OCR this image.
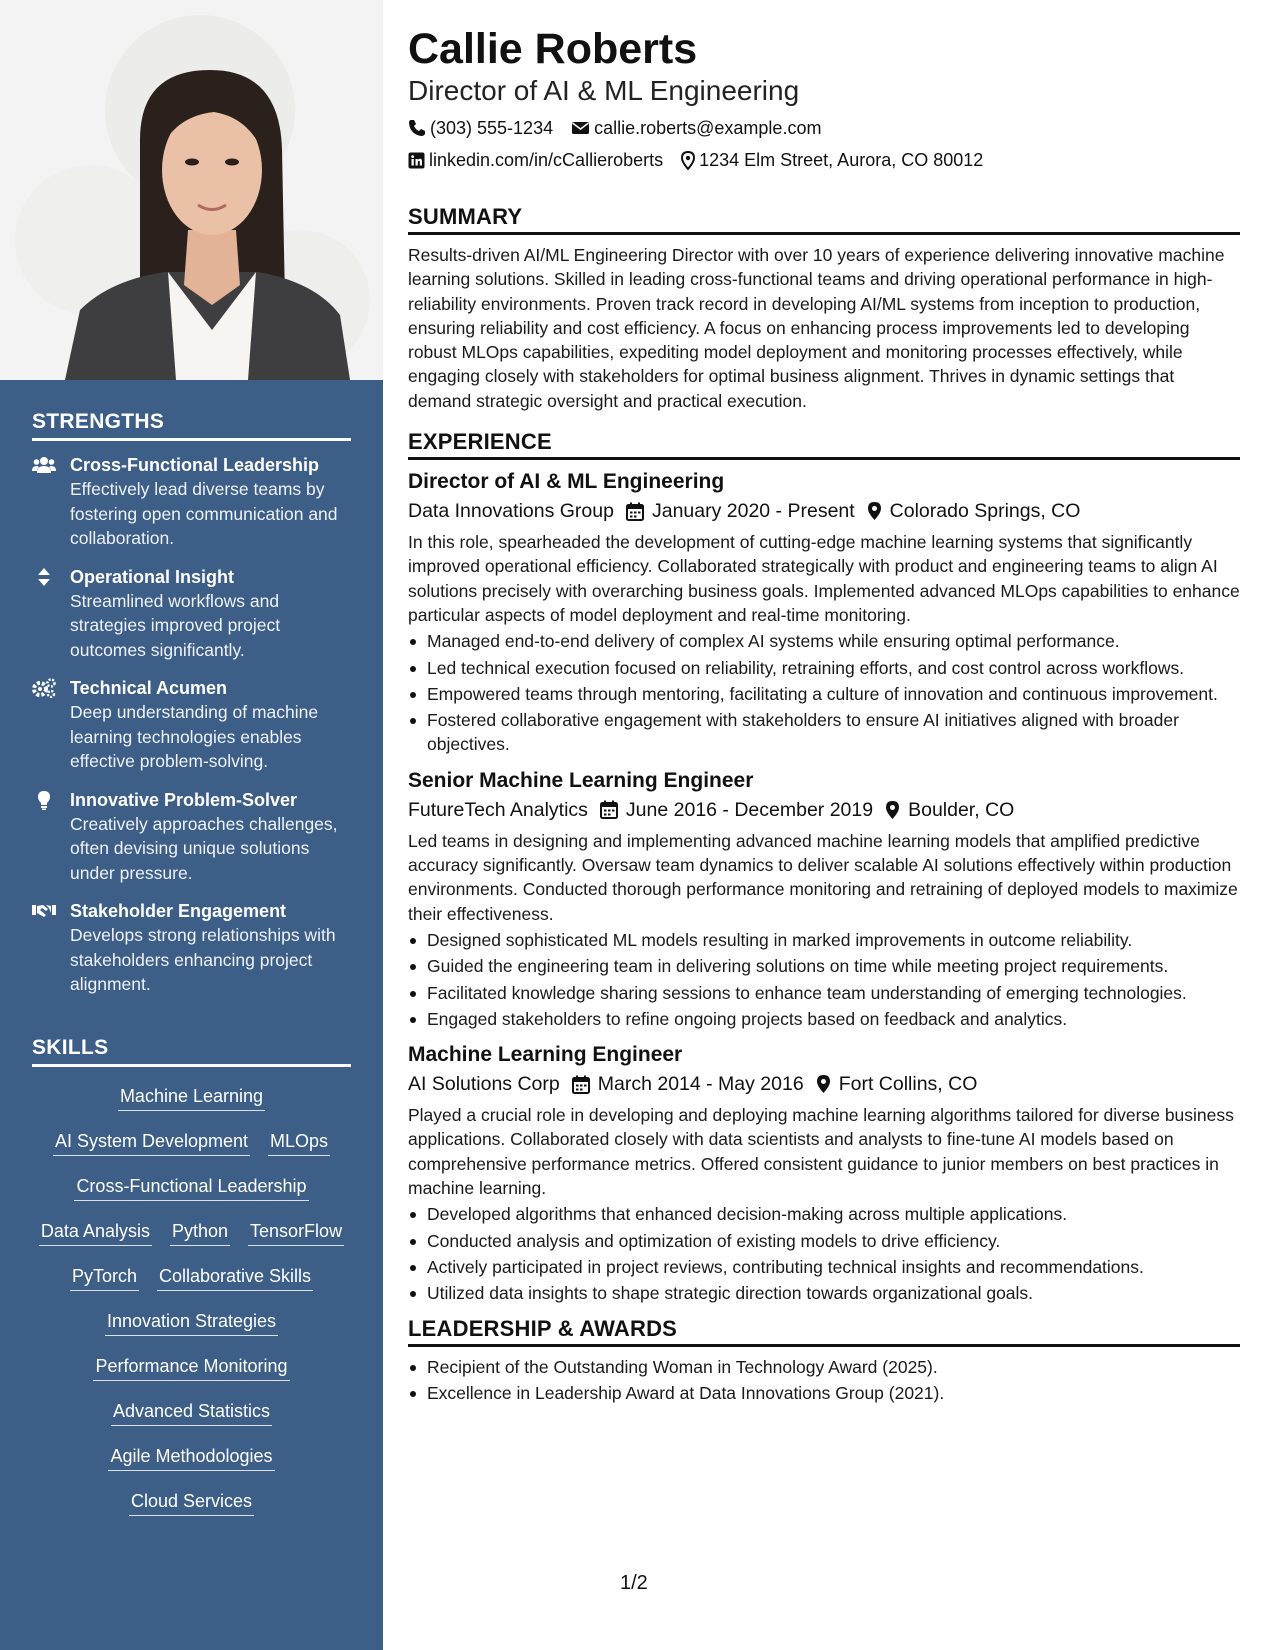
STRENGTHS
Cross-Functional Leadership
Effectively lead diverse teams by fostering open communication and collaboration.
Operational Insight
Streamlined workflows and strategies improved project outcomes significantly.
Technical Acumen
Deep understanding of machine learning technologies enables effective problem-solving.
Innovative Problem-Solver
Creatively approaches challenges, often devising unique solutions under pressure.
Stakeholder Engagement
Develops strong relationships with stakeholders enhancing project alignment.
SKILLS
Machine Learning
AI System Development MLOps
Cross-Functional Leadership
Data Analysis Python TensorFlow
PyTorch Collaborative Skills
Innovation Strategies
Performance Monitoring
Advanced Statistics
Agile Methodologies
Cloud Services
Callie Roberts
Director of AI & ML Engineering
(303) 555-1234 callie.roberts@example.com
linkedin.com/in/cCallieroberts 1234 Elm Street, Aurora, CO 80012
SUMMARY
Results-driven AI/ML Engineering Director with over 10 years of experience delivering innovative machine learning solutions. Skilled in leading cross-functional teams and driving operational performance in high-reliability environments. Proven track record in developing AI/ML systems from inception to production, ensuring reliability and cost efficiency. A focus on enhancing process improvements led to developing robust MLOps capabilities, expediting model deployment and monitoring processes effectively, while engaging closely with stakeholders for optimal business alignment. Thrives in dynamic settings that demand strategic oversight and practical execution.
EXPERIENCE
Director of AI & ML Engineering
Data Innovations Group January 2020 - Present Colorado Springs, CO
In this role, spearheaded the development of cutting-edge machine learning systems that significantly improved operational efficiency. Collaborated strategically with product and engineering teams to align AI solutions precisely with overarching business goals. Implemented advanced MLOps capabilities to enhance particular aspects of model deployment and real-time monitoring.
Managed end-to-end delivery of complex AI systems while ensuring optimal performance.
Led technical execution focused on reliability, retraining efforts, and cost control across workflows.
Empowered teams through mentoring, facilitating a culture of innovation and continuous improvement.
Fostered collaborative engagement with stakeholders to ensure AI initiatives aligned with broader objectives.
Senior Machine Learning Engineer
FutureTech Analytics June 2016 - December 2019 Boulder, CO
Led teams in designing and implementing advanced machine learning models that amplified predictive accuracy significantly. Oversaw team dynamics to deliver scalable AI solutions effectively within production environments. Conducted thorough performance monitoring and retraining of deployed models to maximize their effectiveness.
Designed sophisticated ML models resulting in marked improvements in outcome reliability.
Guided the engineering team in delivering solutions on time while meeting project requirements.
Facilitated knowledge sharing sessions to enhance team understanding of emerging technologies.
Engaged stakeholders to refine ongoing projects based on feedback and analytics.
Machine Learning Engineer
AI Solutions Corp March 2014 - May 2016 Fort Collins, CO
Played a crucial role in developing and deploying machine learning algorithms tailored for diverse business applications. Collaborated closely with data scientists and analysts to fine-tune AI models based on comprehensive performance metrics. Offered consistent guidance to junior members on best practices in machine learning.
Developed algorithms that enhanced decision-making across multiple applications.
Conducted analysis and optimization of existing models to drive efficiency.
Actively participated in project reviews, contributing technical insights and recommendations.
Utilized data insights to shape strategic direction towards organizational goals.
LEADERSHIP & AWARDS
Recipient of the Outstanding Woman in Technology Award (2025).
Excellence in Leadership Award at Data Innovations Group (2021).
1/2
